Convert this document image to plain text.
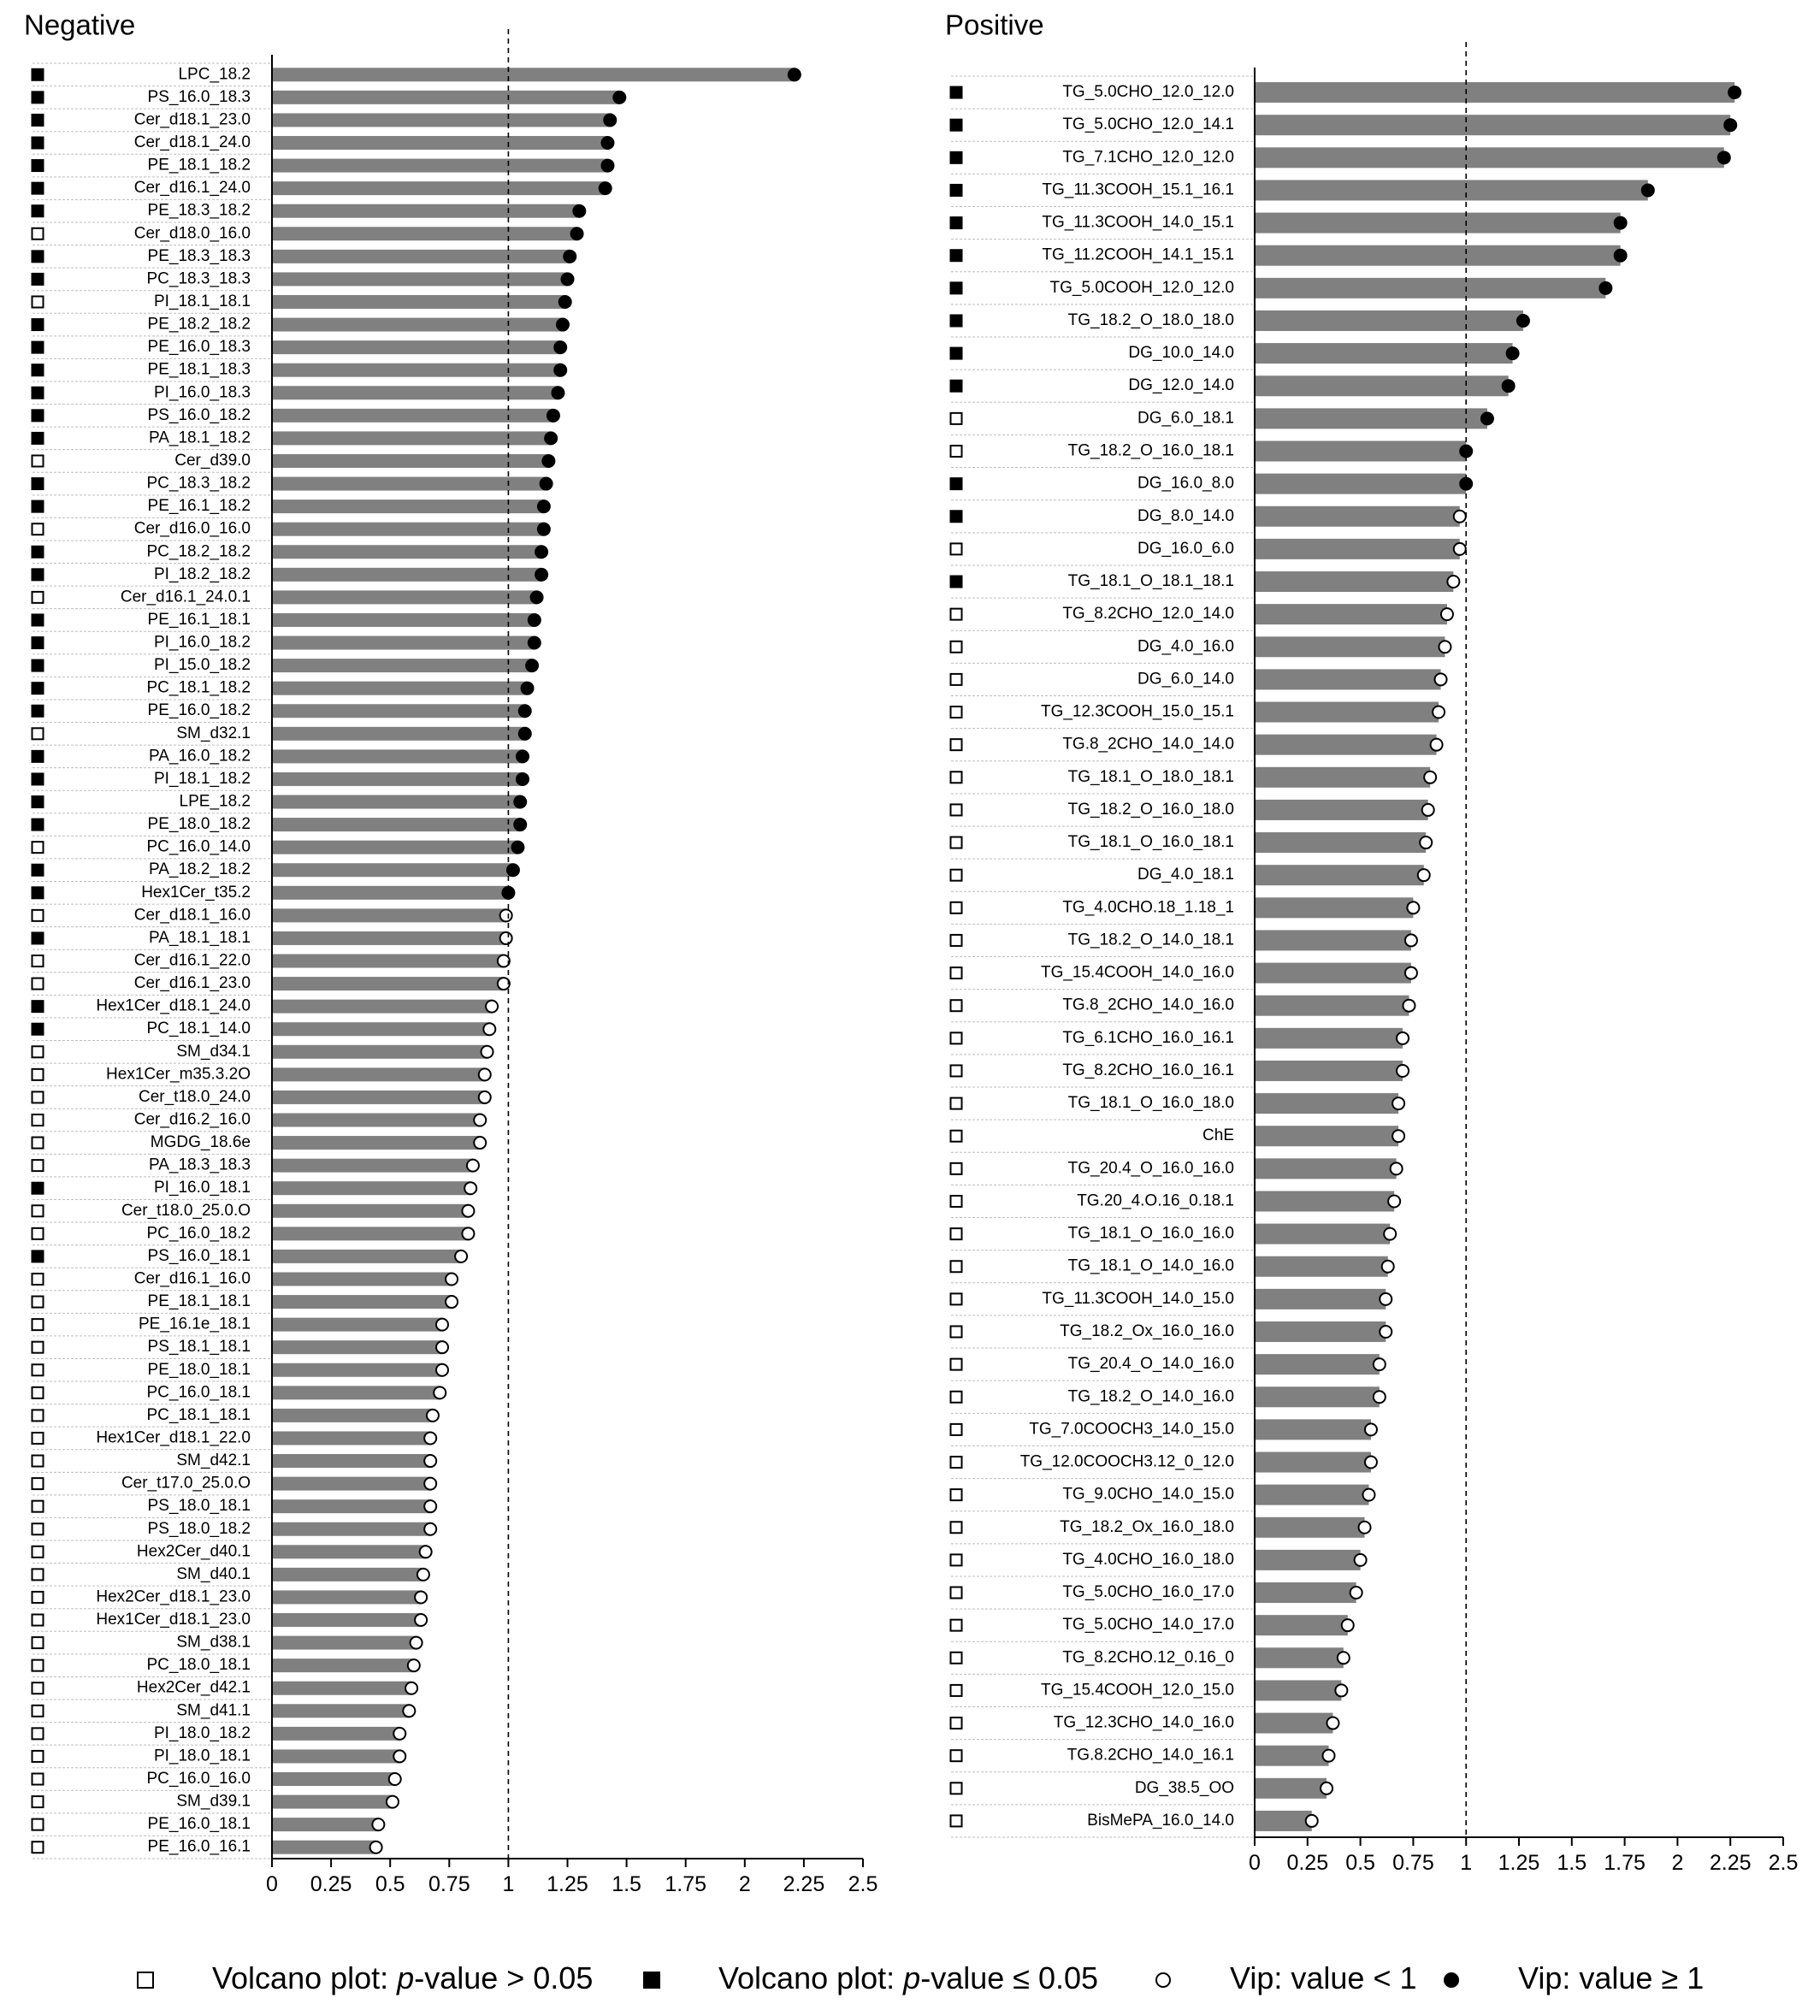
Negative
LPC_18.2
PS_16.0_18.3
Cer_d18.1_23.0
Cer_d18.1_24.0
PE_18.1_18.2
Cer_d16.1_24.0
PE_18.3_18.2
Cer_d18.0_16.0
PE_18.3_18.3
PC_18.3_18.3
PI_18.1_18.1
PE_18.2_18.2
PE_16.0_18.3
PE_18.1_18.3
PI_16.0_18.3
PS_16.0_18.2
PA_18.1_18.2
Cer_d39.0
PC_18.3_18.2
PE_16.1_18.2
Cer_d16.0_16.0
PC_18.2_18.2
PI_18.2_18.2
Cer_d16.1_24.0.1
PE_16.1_18.1
PI_16.0_18.2
PI_15.0_18.2
PC_18.1_18.2
PE_16.0_18.2
SM_d32.1
PA_16.0_18.2
PI_18.1_18.2
LPE_18.2
PE_18.0_18.2
PC_16.0_14.0
PA_18.2_18.2
Hex1Cer_t35.2
Cer_d18.1_16.0
PA_18.1_18.1
Cer_d16.1_22.0
Cer_d16.1_23.0
Hex1Cer_d18.1_24.0
PC_18.1_14.0
SM_d34.1
Hex1Cer_m35.3.2O
Cer_t18.0_24.0
Cer_d16.2_16.0
MGDG_18.6e
PA_18.3_18.3
PI_16.0_18.1
Cer_t18.0_25.0.O
PC_16.0_18.2
PS_16.0_18.1
Cer_d16.1_16.0
PE_18.1_18.1
PE_16.1e_18.1
PS_18.1_18.1
PE_18.0_18.1
PC_16.0_18.1
PC_18.1_18.1
Hex1Cer_d18.1_22.0
SM_d42.1
Cer_t17.0_25.0.O
PS_18.0_18.1
PS_18.0_18.2
Hex2Cer_d40.1
SM_d40.1
Hex2Cer_d18.1_23.0
Hex1Cer_d18.1_23.0
SM_d38.1
PC_18.0_18.1
Hex2Cer_d42.1
SM_d41.1
PI_18.0_18.2
PI_18.0_18.1
PC_16.0_16.0
SM_d39.1
PE_16.0_18.1
PE_16.0_16.1
0 0.25 0.5 0.75 1 1.25 1.5 1.75 2 2.25 2.5
Positive
TG_5.0CHO_12.0_12.0
TG_5.0CHO_12.0_14.1
TG_7.1CHO_12.0_12.0
TG_11.3COOH_15.1_16.1
TG_11.3COOH_14.0_15.1
TG_11.2COOH_14.1_15.1
TG_5.0COOH_12.0_12.0
TG_18.2_O_18.0_18.0
DG_10.0_14.0
DG_12.0_14.0
DG_6.0_18.1
TG_18.2_O_16.0_18.1
DG_16.0_8.0
DG_8.0_14.0
DG_16.0_6.0
TG_18.1_O_18.1_18.1
TG_8.2CHO_12.0_14.0
DG_4.0_16.0
DG_6.0_14.0
TG_12.3COOH_15.0_15.1
TG.8_2CHO_14.0_14.0
TG_18.1_O_18.0_18.1
TG_18.2_O_16.0_18.0
TG_18.1_O_16.0_18.1
DG_4.0_18.1
TG_4.0CHO.18_1.18_1
TG_18.2_O_14.0_18.1
TG_15.4COOH_14.0_16.0
TG.8_2CHO_14.0_16.0
TG_6.1CHO_16.0_16.1
TG_8.2CHO_16.0_16.1
TG_18.1_O_16.0_18.0
ChE
TG_20.4_O_16.0_16.0
TG.20_4.O.16_0.18.1
TG_18.1_O_16.0_16.0
TG_18.1_O_14.0_16.0
TG_11.3COOH_14.0_15.0
TG_18.2_Ox_16.0_16.0
TG_20.4_O_14.0_16.0
TG_18.2_O_14.0_16.0
TG_7.0COOCH3_14.0_15.0
TG_12.0COOCH3.12_0_12.0
TG_9.0CHO_14.0_15.0
TG_18.2_Ox_16.0_18.0
TG_4.0CHO_16.0_18.0
TG_5.0CHO_16.0_17.0
TG_5.0CHO_14.0_17.0
TG_8.2CHO.12_0.16_0
TG_15.4COOH_12.0_15.0
TG_12.3CHO_14.0_16.0
TG.8.2CHO_14.0_16.1
DG_38.5_OO
BisMePA_16.0_14.0
0 0.25 0.5 0.75 1 1.25 1.5 1.75 2 2.25 2.5
Volcano plot: p-value > 0.05	Volcano plot: p-value ≤ 0.05	Vip: value < 1	Vip: value ≥ 1
